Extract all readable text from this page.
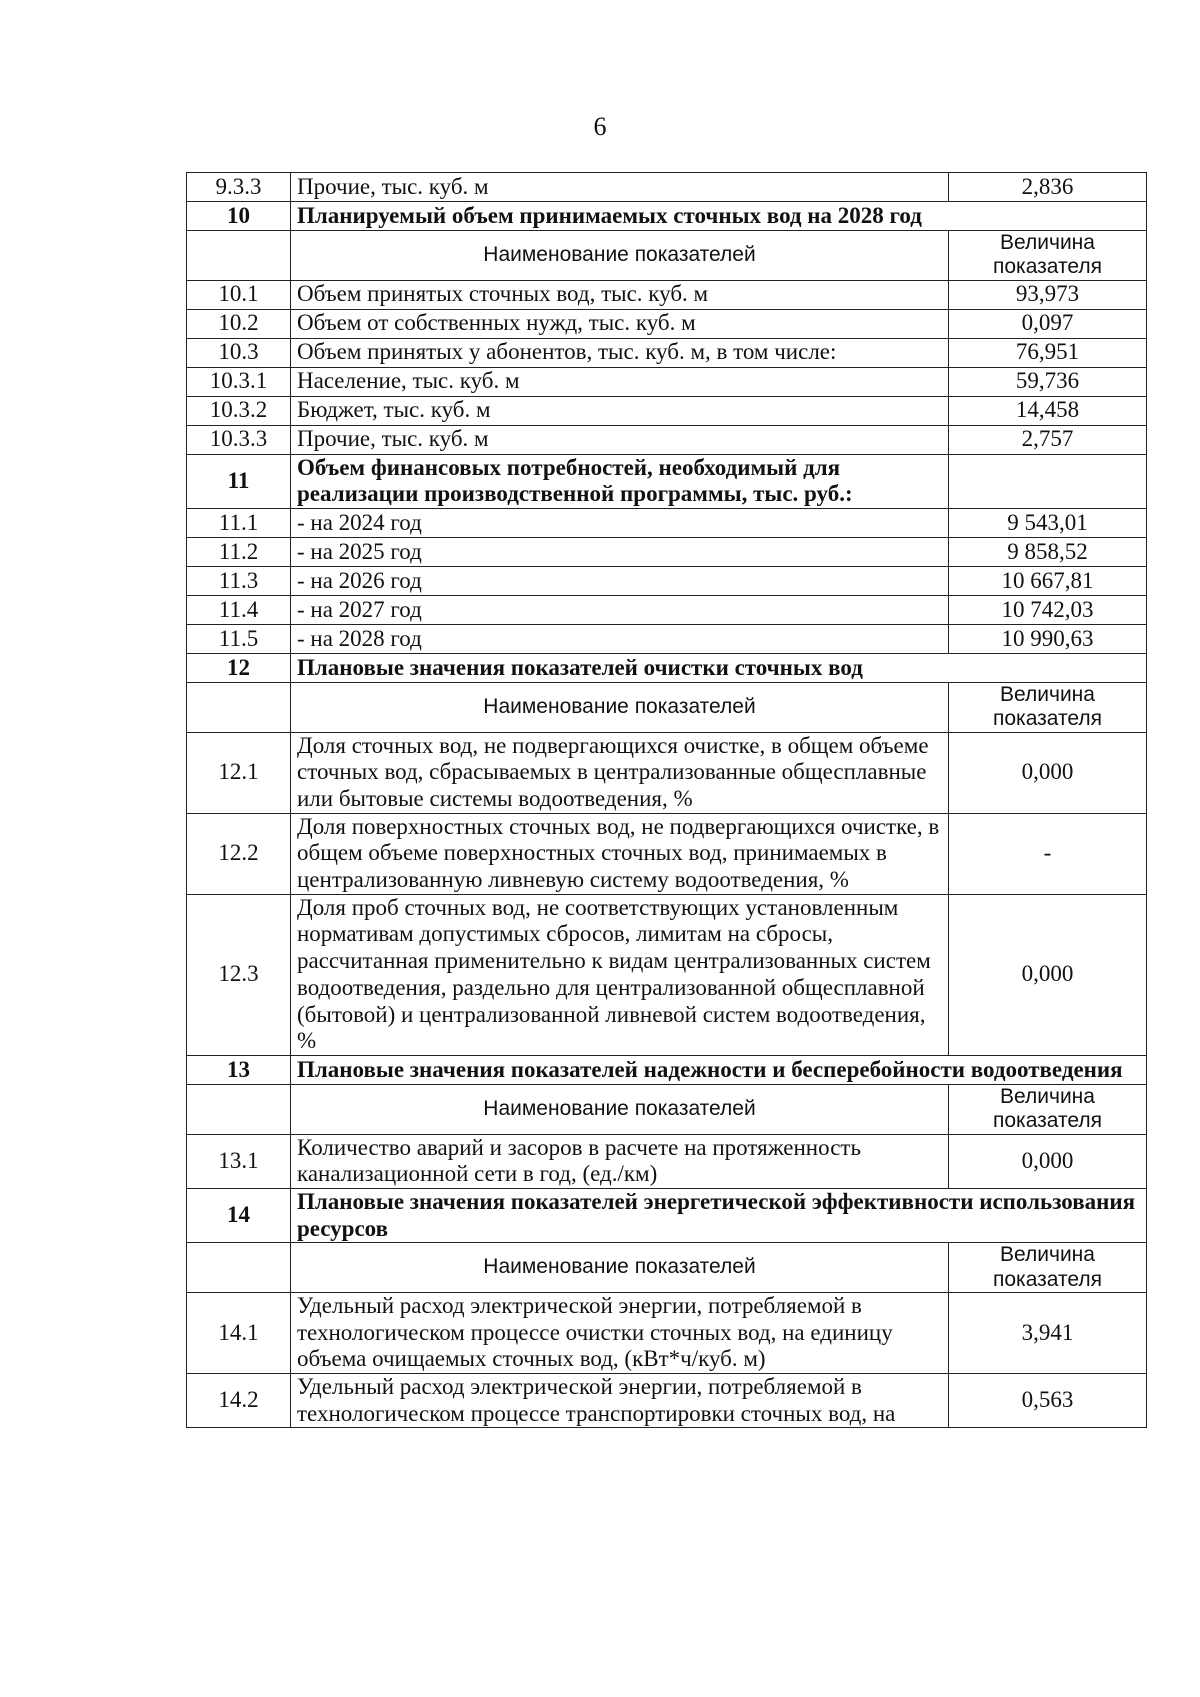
6
9.3.3	Прочие, тыс. куб. м	2,836
10	Планируемый объем принимаемых сточных вод на 2028 год	
	Наименование показателей	Величина показателя
10.1	Объем принятых сточных вод, тыс. куб. м	93,973
10.2	Объем от собственных нужд, тыс. куб. м	0,097
10.3	Объем принятых у абонентов, тыс. куб. м, в том числе:	76,951
10.3.1	Население, тыс. куб. м	59,736
10.3.2	Бюджет, тыс. куб. м	14,458
10.3.3	Прочие, тыс. куб. м	2,757
11	Объем финансовых потребностей, необходимый для реализации производственной программы, тыс. руб.:	
11.1	- на 2024 год	9 543,01
11.2	- на 2025 год	9 858,52
11.3	- на 2026 год	10 667,81
11.4	- на 2027 год	10 742,03
11.5	- на 2028 год	10 990,63
12	Плановые значения показателей очистки сточных вод	
	Наименование показателей	Величина показателя
12.1	Доля сточных вод, не подвергающихся очистке, в общем объеме сточных вод, сбрасываемых в централизованные общесплавные или бытовые системы водоотведения, %	0,000
12.2	Доля поверхностных сточных вод, не подвергающихся очистке, в общем объеме поверхностных сточных вод, принимаемых в централизованную ливневую систему водоотведения, %	-
12.3	Доля проб сточных вод, не соответствующих установленным нормативам допустимых сбросов, лимитам на сбросы, рассчитанная применительно к видам централизованных систем водоотведения, раздельно для централизованной общесплавной (бытовой) и централизованной ливневой систем водоотведения, %	0,000
13	Плановые значения показателей надежности и бесперебойности водоотведения	
	Наименование показателей	Величина показателя
13.1	Количество аварий и засоров в расчете на протяженность канализационной сети в год, (ед./км)	0,000
14	Плановые значения показателей энергетической эффективности использования ресурсов	
	Наименование показателей	Величина показателя
14.1	Удельный расход электрической энергии, потребляемой в технологическом процессе очистки сточных вод, на единицу объема очищаемых сточных вод, (кВт*ч/куб. м)	3,941
14.2	Удельный расход электрической энергии, потребляемой в технологическом процессе транспортировки сточных вод, на	0,563
